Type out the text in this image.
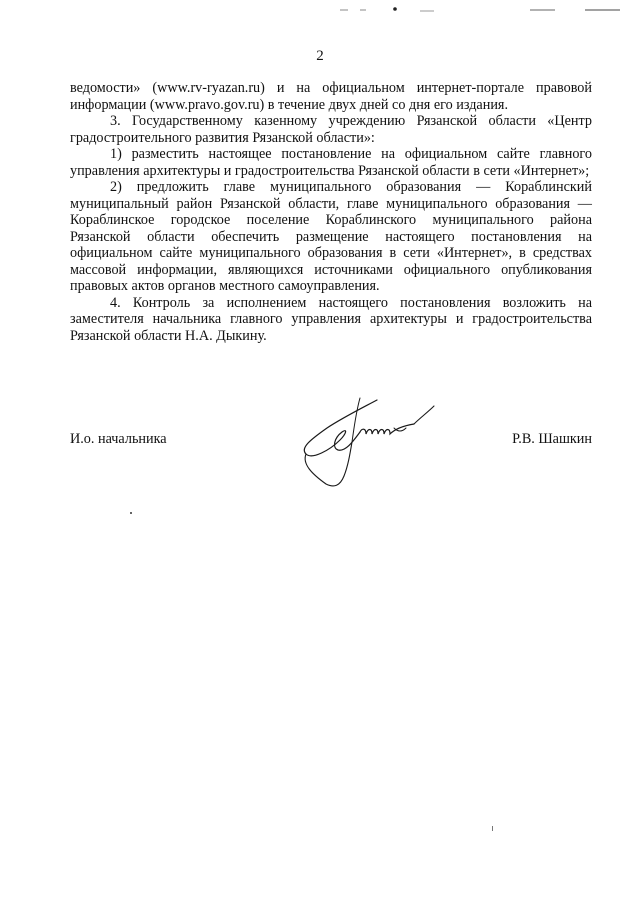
2

ведомости» (www.rv-ryazan.ru) и на официальном интернет-портале правовой информации (www.pravo.gov.ru) в течение двух дней со дня его издания.

3. Государственному казенному учреждению Рязанской области «Центр градостроительного развития Рязанской области»:

1) разместить настоящее постановление на официальном сайте главного управления архитектуры и градостроительства Рязанской области в сети «Интернет»;

2) предложить главе муниципального образования — Кораблинский муниципальный район Рязанской области, главе муниципального образования — Кораблинское городское поселение Кораблинского муниципального района Рязанской области обеспечить размещение настоящего постановления на официальном сайте муниципального образования в сети «Интернет», в средствах массовой информации, являющихся источниками официального опубликования правовых актов органов местного самоуправления.

4. Контроль за исполнением настоящего постановления возложить на заместителя начальника главного управления архитектуры и градостроительства Рязанской области Н.А. Дыкину.

И.о. начальника	Р.В. Шашкин
